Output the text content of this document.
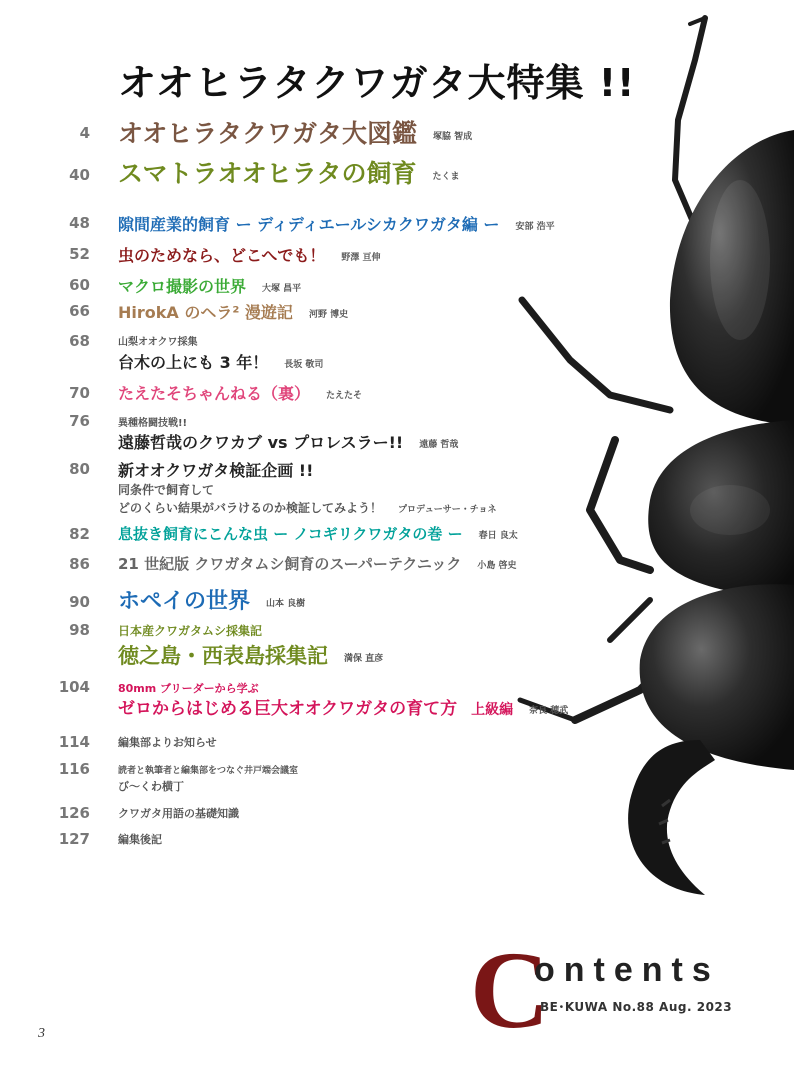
オオヒラタクワガタ大特集 !!
4 オオヒラタクワガタ大図鑑 塚脇 智成
40 スマトラオオヒラタの飼育 たくま
48 隙間産業的飼育 ー ディディエールシカクワガタ編 ー 安部 浩平
52 虫のためなら、どこへでも！ 野澤 亘伸
60 マクロ撮影の世界 大塚 昌平
66 HirokA のヘラ² 漫遊記 河野 博史
68	山梨オオクワ採集
台木の上にも 3 年！ 長坂 敬司
70 たえたそちゃんねる（裏） たえたそ
76	異種格闘技戦!!
遠藤哲哉のクワカブ vs プロレスラー!! 遠藤 哲哉
80 新オオクワガタ検証企画 !!
同条件で飼育して
どのくらい結果がバラけるのか検証してみよう！ プロデューサー・チョネ
82 息抜き飼育にこんな虫 ー ノコギリクワガタの巻 ー 春日 良太
86 21 世紀版 クワガタムシ飼育のスーパーテクニック 小島 啓史
90 ホペイの世界 山本 良樹
98 日本産クワガタムシ採集記
徳之島・西表島採集記 満保 直彦
104	80mm ブリーダーから学ぶ
ゼロからはじめる巨大オオクワガタの育て方 上級編 奈良 穂武
114	編集部よりお知らせ
116	読者と執筆者と編集部をつなぐ井戸端会議室
び〜くわ横丁
126	クワガタ用語の基礎知識
127	編集後記
C
ontents
BE･KUWA No.88 Aug. 2023
3
